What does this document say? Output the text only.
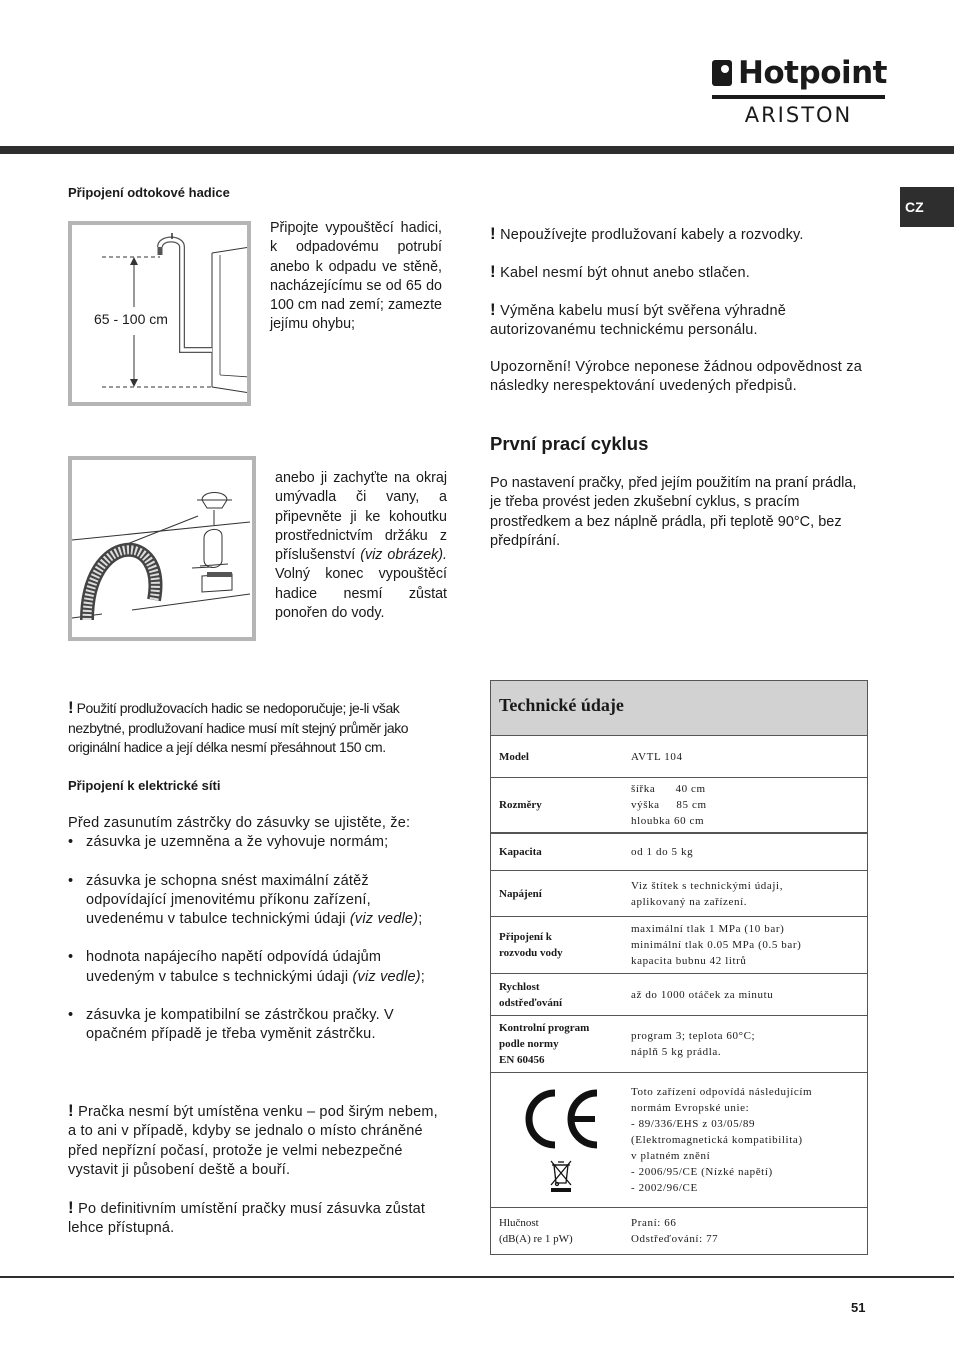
Hotpoint
ARISTON
CZ
Připojení odtokové hadice
65 - 100 cm
Připojte vypouštěcí hadici, k odpadovému potrubí anebo k odpadu ve stěně, nacházejícímu se od 65 do 100 cm nad zemí; zamezte jejímu ohybu;
anebo ji zachyťte na okraj umývadla či vany, a připevněte ji ke kohoutku prostřednictvím držáku z příslušenství (viz obrázek). Volný konec vypouštěcí hadice nesmí zůstat ponořen do vody.
! Použití prodlužovacích hadic se nedoporučuje; je-li však nezbytné, prodlužovaní hadice musí mít stejný průměr jako originální hadice a její délka nesmí přesáhnout 150 cm.
Připojení k elektrické síti
Před zasunutím zástrčky do zásuvky se ujistěte, že:
• zásuvka je uzemněna a že vyhovuje normám;
• zásuvka je schopna snést maximální zátěž odpovídající jmenovitému příkonu zařízení, uvedenému v tabulce technickými údaji (viz vedle);
• hodnota napájecího napětí odpovídá údajům uvedeným v tabulce s technickými údaji (viz vedle);
• zásuvka je kompatibilní se zástrčkou pračky. V opačném případě je třeba vyměnit zástrčku.
! Pračka nesmí být umístěna venku – pod širým nebem, a to ani v případě, kdyby se jednalo o místo chráněné před nepřízní počasí, protože je velmi nebezpečné vystavit ji působení deště a bouří.
! Po definitivním umístění pračky musí zásuvka zůstat lehce přístupná.
! Nepoužívejte prodlužovaní kabely a rozvodky.
! Kabel nesmí být ohnut anebo stlačen.
! Výměna kabelu musí být svěřena výhradně autorizovanému technickému personálu.
Upozornění! Výrobce neponese žádnou odpovědnost za následky nerespektování uvedených předpisů.
První prací cyklus
Po nastavení pračky, před jejím použitím na praní prádla, je třeba provést jeden zkušební cyklus, s pracím prostředkem a bez náplně prádla, při teplotě 90°C, bez předpírání.
Technické údaje
Model	AVTL 104
Rozměry
šířka      40 cm
výška     85 cm
hloubka 60 cm
Kapacita	od 1 do 5 kg
Napájení
Viz štítek s technickými údaji,
aplikovaný na zařízení.
Připojení k
rozvodu vody
maximální tlak 1 MPa (10 bar)
minimální tlak 0.05 MPa (0.5 bar)
kapacita bubnu 42 litrů
Rychlost
odstřeďování
až do 1000 otáček za minutu
Kontrolní program
podle normy
EN 60456
program 3; teplota 60°C;
náplň 5 kg prádla.
Toto zařízení odpovídá následujícím
normám Evropské unie:
- 89/336/EHS z 03/05/89
(Elektromagnetická kompatibilita)
v platném znění
- 2006/95/CE (Nízké napětí)
- 2002/96/CE
Hlučnost
(dB(A) re 1 pW)
Praní: 66
Odstřeďování: 77
51
